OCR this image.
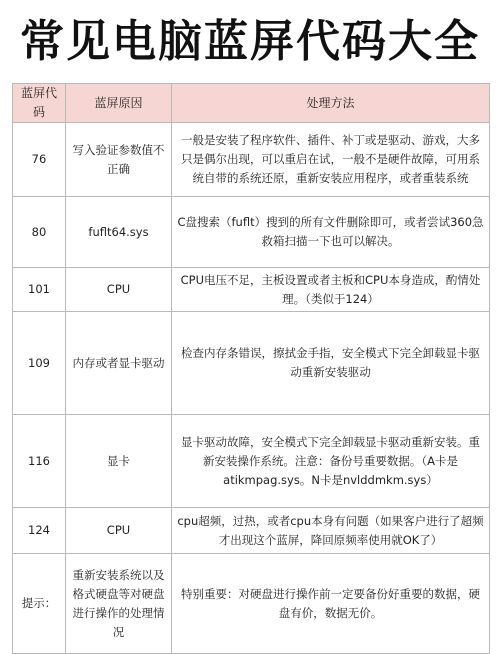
常见电脑蓝屏代码大全
蓝屏代码	蓝屏原因	处理方法
76	写入验证参数值不正确	一般是安装了程序软件、插件、补丁或是驱动、游戏，大多只是偶尔出现，可以重启在试，一般不是硬件故障，可用系统自带的系统还原，重新安装应用程序，或者重装系统
80	fuflt64.sys	C盘搜索（fuflt）搜到的所有文件删除即可，或者尝试360急救箱扫描一下也可以解决。
101	CPU	CPU电压不足，主板设置或者主板和CPU本身造成，酌情处理。（类似于124）
109	内存或者显卡驱动	检查内存条错误，擦拭金手指，安全模式下完全卸载显卡驱动重新安装驱动
116	显卡	显卡驱动故障，安全模式下完全卸载显卡驱动重新安装。重新安装操作系统。注意：备份号重要数据。（A卡是atikmpag.sys。N卡是nvlddmkm.sys）
124	CPU	cpu超频，过热，或者cpu本身有问题（如果客户进行了超频才出现这个蓝屏，降回原频率使用就OK了）
提示：	重新安装系统以及格式硬盘等对硬盘进行操作的处理情况	特别重要：对硬盘进行操作前一定要备份好重要的数据，硬盘有价，数据无价。
